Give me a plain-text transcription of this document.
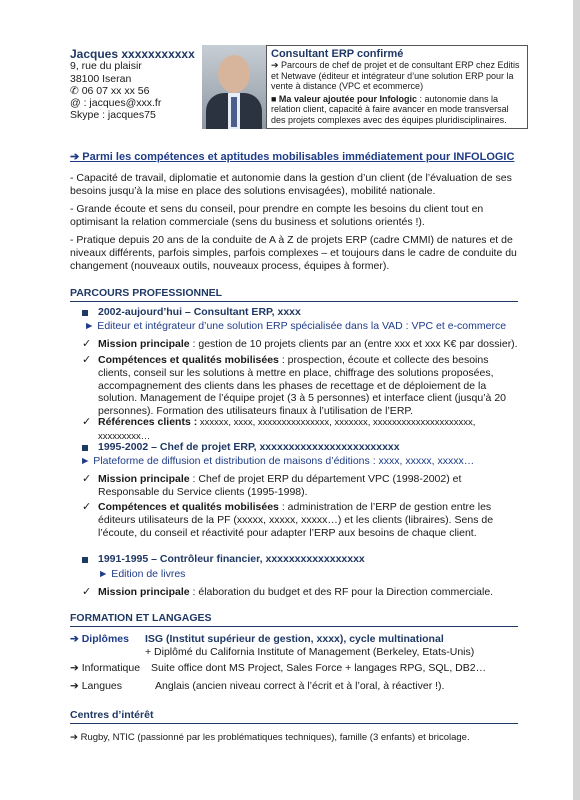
Jacques xxxxxxxxxxx
9, rue du plaisir
38100 Iseran
✆ 06 07 xx xx 56
@ : jacques@xxx.fr
Skype : jacques75
Consultant ERP confirmé
➔ Parcours de chef de projet et de consultant ERP chez Editis et Netwave (éditeur et intégrateur d’une solution ERP pour la vente à distance (VPC et ecommerce)
■ Ma valeur ajoutée pour Infologic : autonomie dans la relation client, capacité à faire avancer en mode transversal des projets complexes avec des équipes pluridisciplinaires.
➔ Parmi les compétences et aptitudes mobilisables immédiatement pour INFOLOGIC
- Capacité de travail, diplomatie et autonomie dans la gestion d’un client (de l’évaluation de ses besoins jusqu’à la mise en place des solutions envisagées), mobilité nationale.
- Grande écoute et sens du conseil, pour prendre en compte les besoins du client tout en optimisant la relation commerciale (sens du business et solutions orientés !).
- Pratique depuis 20 ans de la conduite de A à Z de projets ERP (cadre CMMI) de natures et de niveaux différents, parfois simples, parfois complexes – et toujours dans le cadre de conduite du changement (nouveaux outils, nouveaux process, équipes à former).
PARCOURS PROFESSIONNEL
2002-aujourd’hui – Consultant ERP, xxxx
► Editeur et intégrateur d’une solution ERP spécialisée dans la VAD : VPC et e-commerce
✓ Mission principale : gestion de 10 projets clients par an (entre xxx et xxx K€ par dossier).
✓ Compétences et qualités mobilisées : prospection, écoute et collecte des besoins clients, conseil sur les solutions à mettre en place, chiffrage des solutions proposées, accompagnement des clients dans les phases de recettage et de déploiement de la solution. Management de l’équipe projet (3 à 5 personnes) et interface client (jusqu’à 20 personnes). Formation des utilisateurs finaux à l’utilisation de l’ERP.
✓ Références clients : xxxxxx, xxxx, xxxxxxxxxxxxxxx, xxxxxxx, xxxxxxxxxxxxxxxxxxxxx, xxxxxxxxx…
1995-2002 – Chef de projet ERP, xxxxxxxxxxxxxxxxxxxxxxxx
► Plateforme de diffusion et distribution de maisons d’éditions : xxxx, xxxxx, xxxxx…
✓ Mission principale : Chef de projet ERP du département VPC (1998-2002) et Responsable du Service clients (1995-1998).
✓ Compétences et qualités mobilisées : administration de l’ERP de gestion entre les éditeurs utilisateurs de la PF (xxxxx, xxxxx, xxxxx…) et les clients (libraires). Sens de l’écoute, du conseil et réactivité pour adapter l’ERP aux besoins de chaque client.
1991-1995 – Contrôleur financier, xxxxxxxxxxxxxxxxx
► Edition de livres
✓ Mission principale : élaboration du budget et des RF pour la Direction commerciale.
FORMATION ET LANGAGES
➔ Diplômes ISG (Institut supérieur de gestion, xxxx), cycle multinational
+ Diplômé du California Institute of Management (Berkeley, Etats-Unis)
➔ Informatique Suite office dont MS Project, Sales Force + langages RPG, SQL, DB2…
➔ Langues	Anglais (ancien niveau correct à l’écrit et à l’oral, à réactiver !).
Centres d’intérêt
➔ Rugby, NTIC (passionné par les problématiques techniques), famille (3 enfants) et bricolage.
